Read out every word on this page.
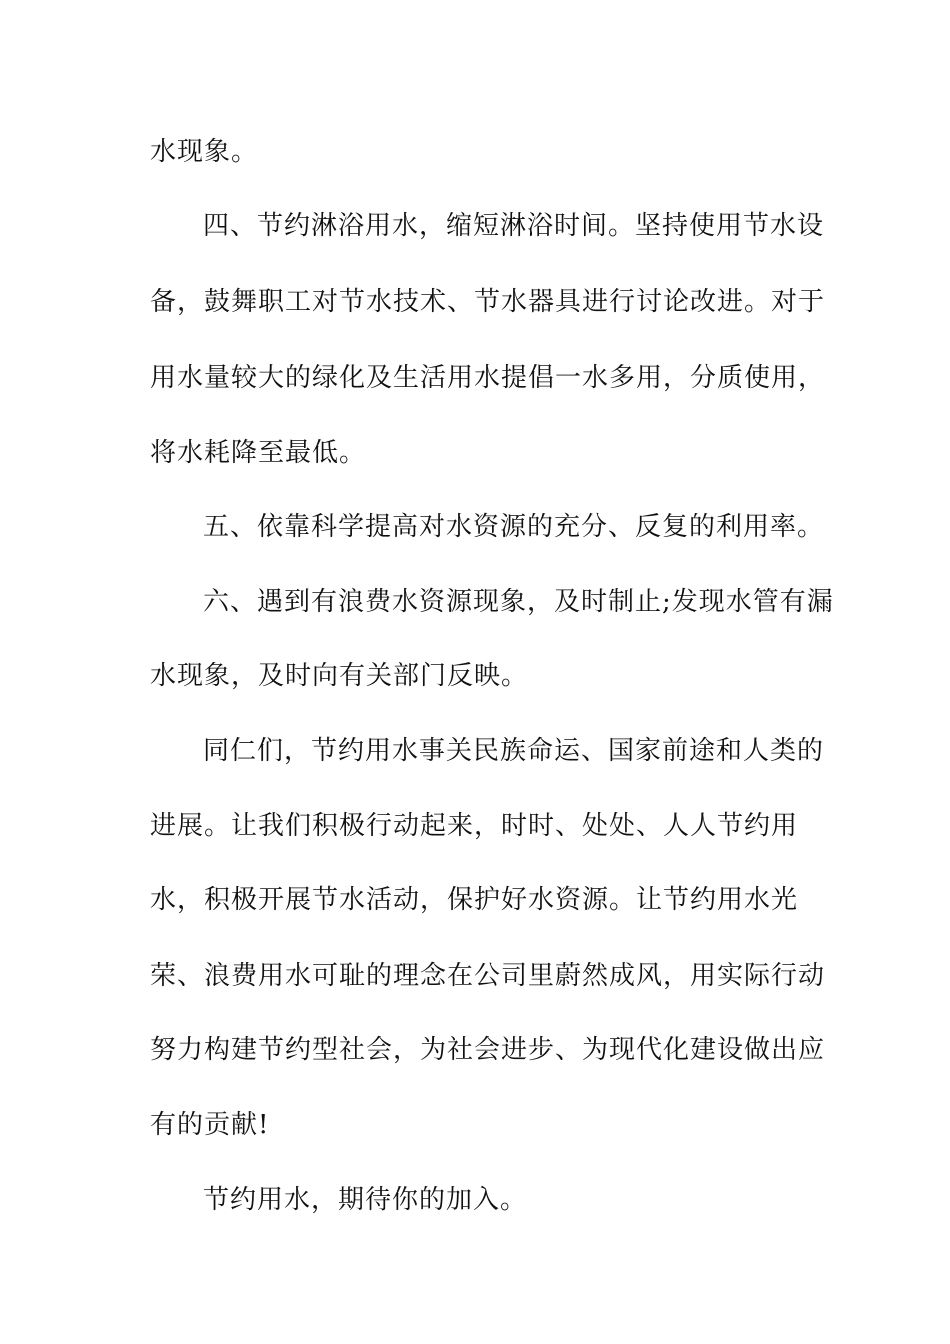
水现象。
四、节约淋浴用水，缩短淋浴时间。坚持使用节水设
备，鼓舞职工对节水技术、节水器具进行讨论改进。对于
用水量较大的绿化及生活用水提倡一水多用，分质使用，
将水耗降至最低。
五、依靠科学提高对水资源的充分、反复的利用率。
六、遇到有浪费水资源现象，及时制止;发现水管有漏
水现象，及时向有关部门反映。
同仁们，节约用水事关民族命运、国家前途和人类的
进展。让我们积极行动起来，时时、处处、人人节约用
水，积极开展节水活动，保护好水资源。让节约用水光
荣、浪费用水可耻的理念在公司里蔚然成风，用实际行动
努力构建节约型社会，为社会进步、为现代化建设做出应
有的贡献!
节约用水，期待你的加入。
